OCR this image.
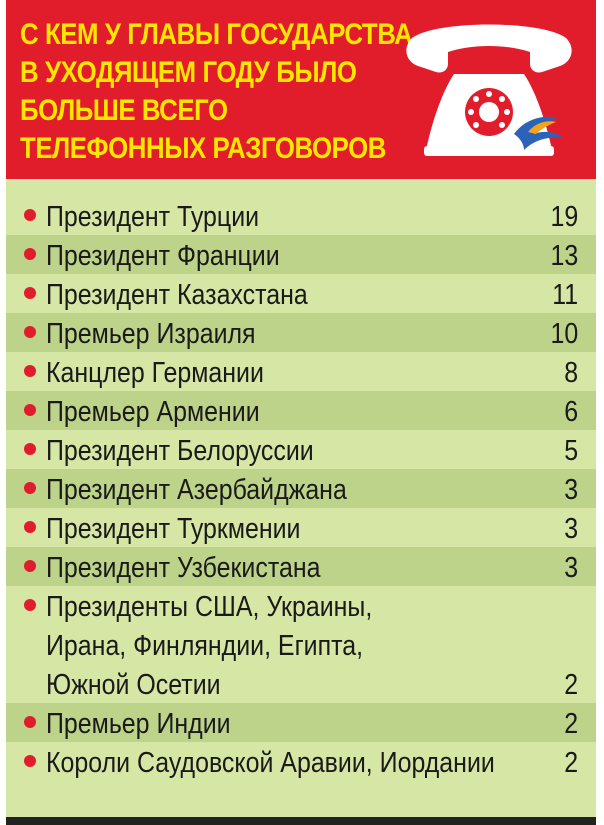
С КЕМ У ГЛАВЫ ГОСУДАРСТВА
В УХОДЯЩЕМ ГОДУ БЫЛО
БОЛЬШЕ ВСЕГО
ТЕЛЕФОННЫХ РАЗГОВОРОВ
Президент Турции	19
Президент Франции	13
Президент Казахстана	11
Премьер Израиля	10
Канцлер Германии	8
Премьер Армении	6
Президент Белоруссии	5
Президент Азербайджана	3
Президент Туркмении	3
Президент Узбекистана	3
Президенты США, Украины,
Ирана, Финляндии, Египта,
Южной Осетии	2
Премьер Индии	2
Короли Саудовской Аравии, Иордании 2
